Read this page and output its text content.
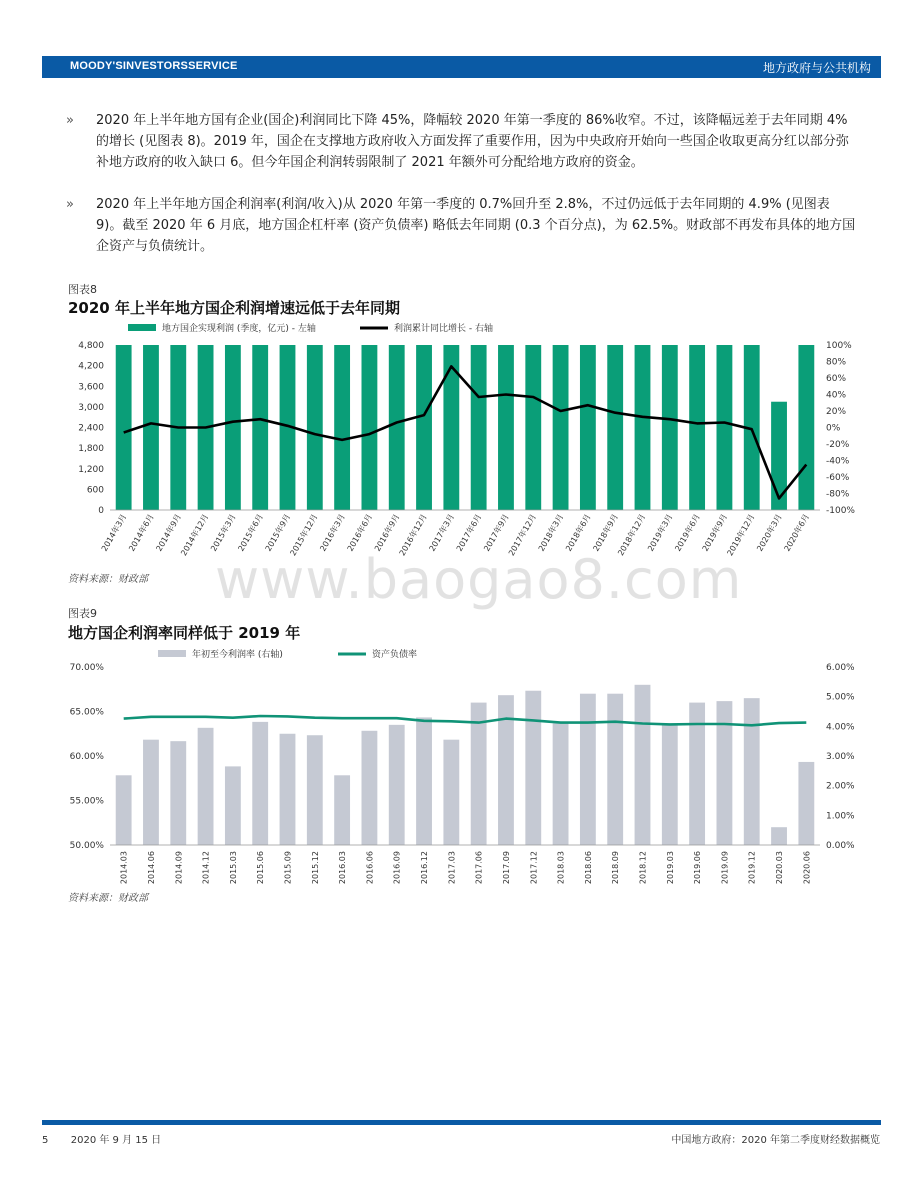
MOODY'SINVESTORSSERVICE	地方政府与公共机构
» 2020 年上半年地方国有企业(国企)利润同比下降 45%，降幅较 2020 年第一季度的 86%收窄。不过，该降幅远差于去年同期 4%的增长 (见图表 8)。2019 年，国企在支撑地方政府收入方面发挥了重要作用，因为中央政府开始向一些国企收取更高分红以部分弥补地方政府的收入缺口 6。但今年国企利润转弱限制了 2021 年额外可分配给地方政府的资金。
» 2020 年上半年地方国企利润率(利润/收入)从 2020 年第一季度的 0.7%回升至 2.8%，不过仍远低于去年同期的 4.9% (见图表 9)。截至 2020 年 6 月底，地方国企杠杆率 (资产负债率) 略低去年同期 (0.3 个百分点)，为 62.5%。财政部不再发布具体的地方国企资产与负债统计。
图表8
2020 年上半年地方国企利润增速远低于去年同期
地方国企实现利润 (季度，亿元) - 左轴	利润累计同比增长 - 右轴
0
600
1,200
1,800
2,400
3,000
3,600
4,200
4,800
-100%
-80%
-60%
-40%
-20%
0%
20%
40%
60%
80%
100%
2014年3月
2014年6月
2014年9月
2014年12月
2015年3月
2015年6月
2015年9月
2015年12月
2016年3月
2016年6月
2016年9月
2016年12月
2017年3月
2017年6月
2017年9月
2017年12月
2018年3月
2018年6月
2018年9月
2018年12月
2019年3月
2019年6月
2019年9月
2019年12月
2020年3月
2020年6月
www.baogao8.com
资料来源：财政部
图表9
地方国企利润率同样低于 2019 年
年初至今利润率 (右轴)	资产负债率
50.00%
55.00%
60.00%
65.00%
70.00%
0.00%
1.00%
2.00%
3.00%
4.00%
5.00%
6.00%
2014.03 2014.06 2014.09 2014.12 2015.03 2015.06 2015.09 2015.12 2016.03 2016.06 2016.09 2016.12 2017.03 2017.06 2017.09 2017.12 2018.03 2018.06 2018.09 2018.12 2019.03 2019.06 2019.09 2019.12 2020.03 2020.06
资料来源：财政部
5 2020 年 9 月 15 日	中国地方政府：2020 年第二季度财经数据概览
